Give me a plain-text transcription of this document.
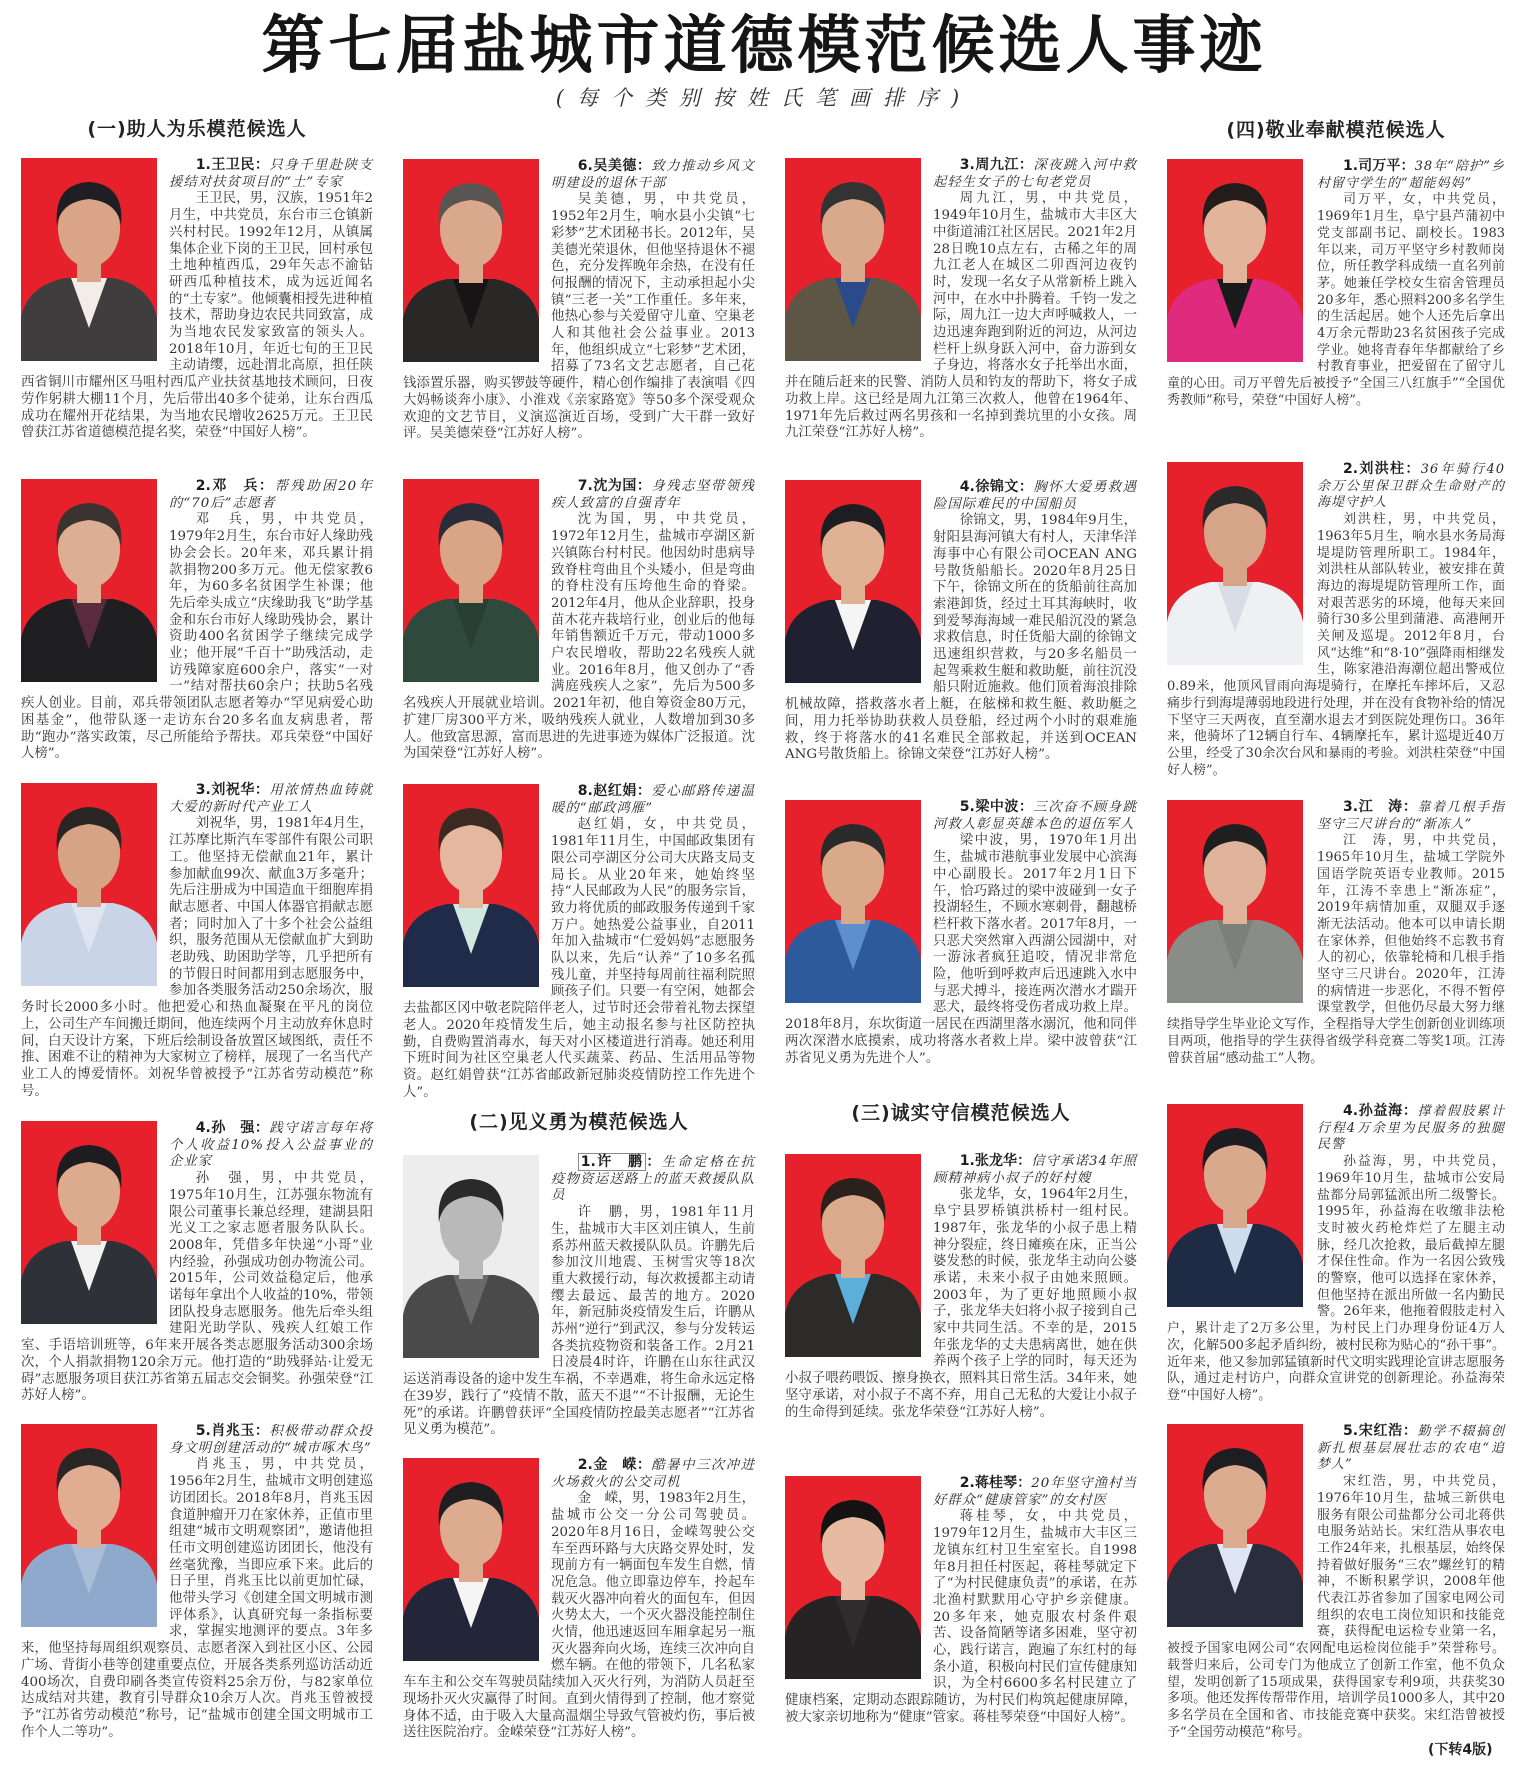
第七届盐城市道德模范候选人事迹
(每个类别按姓氏笔画排序)
(一)助人为乐模范候选人
(二)见义勇为模范候选人	(三)诚实守信模范候选人
(四)敬业奉献模范候选人

1.王卫民：只身千里赴陕支援结对扶贫项目的“土”专家

王卫民，男，汉族，1951年2月生，中共党员，东台市三仓镇新兴村村民。1992年12月，从镇属集体企业下岗的王卫民，回村承包土地种植西瓜，29年矢志不渝钻研西瓜种植技术，成为远近闻名的“土专家”。他倾囊相授先进种植技术，帮助身边农民共同致富，成为当地农民发家致富的领头人。2018年10月，年近七旬的王卫民主动请缨，远赴渭北高原，担任陕西省铜川市耀州区马咀村西瓜产业扶贫基地技术顾问，日夜劳作躬耕大棚11个月，先后带出40多个徒弟，让东台西瓜成功在耀州开花结果，为当地农民增收2625万元。王卫民曾获江苏省道德模范提名奖，荣登“中国好人榜”。

2.邓　兵：帮残助困20年的“70后”志愿者

邓　兵，男，中共党员，1979年2月生，东台市好人缘助残协会会长。20年来，邓兵累计捐款捐物200多万元。他无偿家教6年，为60多名贫困学生补课；他先后牵头成立“庆缘助我飞”助学基金和东台市好人缘助残协会，累计资助400名贫困学子继续完成学业；他开展“千百十”助残活动，走访残障家庭600余户，落实“一对一”结对帮扶60余户；扶助5名残疾人创业。目前，邓兵带领团队志愿者筹办“罕见病爱心助困基金”，他带队逐一走访东台20多名血友病患者，帮助“跑办”落实政策，尽己所能给予帮扶。邓兵荣登“中国好人榜”。

3.刘祝华：用浓情热血铸就大爱的新时代产业工人

刘祝华，男，1981年4月生，江苏摩比斯汽车零部件有限公司职工。他坚持无偿献血21年，累计参加献血99次、献血3万多毫升；先后注册成为中国造血干细胞库捐献志愿者、中国人体器官捐献志愿者；同时加入了十多个社会公益组织，服务范围从无偿献血扩大到助老助残、助困助学等，几乎把所有的节假日时间都用到志愿服务中，参加各类服务活动250余场次，服务时长2000多小时。他把爱心和热血凝聚在平凡的岗位上，公司生产车间搬迁期间，他连续两个月主动放弃休息时间，白天设计方案，下班后绘制设备放置区域图纸，责任不推、困难不让的精神为大家树立了榜样，展现了一名当代产业工人的博爱情怀。刘祝华曾被授予“江苏省劳动模范”称号。

4.孙　强：践守诺言每年将个人收益10%投入公益事业的企业家

孙　强，男，中共党员，1975年10月生，江苏强东物流有限公司董事长兼总经理，建湖县阳光义工之家志愿者服务队队长。2008年，凭借多年快递“小哥”业内经验，孙强成功创办物流公司。2015年，公司效益稳定后，他承诺每年拿出个人收益的10%，带领团队投身志愿服务。他先后牵头组建阳光助学队、残疾人红娘工作室、手语培训班等，6年来开展各类志愿服务活动300余场次，个人捐款捐物120余万元。他打造的“助残驿站·让爱无碍”志愿服务项目获江苏省第五届志交会铜奖。孙强荣登“江苏好人榜”。

5.肖兆玉：积极带动群众投身文明创建活动的“城市啄木鸟”

肖兆玉，男，中共党员，1956年2月生，盐城市文明创建巡访团团长。2018年8月，肖兆玉因食道肿瘤开刀在家休养，正值市里组建“城市文明观察团”，邀请他担任市文明创建巡访团团长，他没有丝毫犹豫，当即应承下来。此后的日子里，肖兆玉比以前更加忙碌，他带头学习《创建全国文明城市测评体系》，认真研究每一条指标要求，掌握实地测评的要点。3年多来，他坚持每周组织观察员、志愿者深入到社区小区、公园广场、背街小巷等创建重要点位，开展各类系列巡访活动近400场次，自费印刷各类宣传资料25余万份，与82家单位达成结对共建，教育引导群众10余万人次。肖兆玉曾被授予“江苏省劳动模范”称号，记“盐城市创建全国文明城市工作个人二等功”。

6.吴美德：致力推动乡风文明建设的退休干部

吴美德，男，中共党员，1952年2月生，响水县小尖镇“七彩梦”艺术团秘书长。2012年，吴美德光荣退休，但他坚持退休不褪色，充分发挥晚年余热，在没有任何报酬的情况下，主动承担起小尖镇“三老一关”工作重任。多年来，他热心参与关爱留守儿童、空巢老人和其他社会公益事业。2013年，他组织成立“七彩梦”艺术团，招募了73名文艺志愿者，自己花钱添置乐器，购买锣鼓等硬件，精心创作编排了表演唱《四大妈畅谈奔小康》、小淮戏《亲家路宽》等50多个深受观众欢迎的文艺节目，义演巡演近百场，受到广大干群一致好评。吴美德荣登“江苏好人榜”。

7.沈为国：身残志坚带领残疾人致富的自强青年

沈为国，男，中共党员，1972年12月生，盐城市亭湖区新兴镇陈台村村民。他因幼时患病导致脊柱弯曲且个头矮小，但是弯曲的脊柱没有压垮他生命的脊梁。2012年4月，他从企业辞职，投身苗木花卉栽培行业，创业后的他每年销售额近千万元，带动1000多户农民增收，帮助22名残疾人就业。2016年8月，他又创办了“香满庭残疾人之家”，先后为500多名残疾人开展就业培训。2021年初，他自筹资金80万元，扩建厂房300平方米，吸纳残疾人就业，人数增加到30多人。他致富思源，富而思进的先进事迹为媒体广泛报道。沈为国荣登“江苏好人榜”。

8.赵红娟：爱心邮路传递温暖的“邮政鸿雁”

赵红娟，女，中共党员，1981年11月生，中国邮政集团有限公司亭湖区分公司大庆路支局支局长。从业20年来，她始终坚持“人民邮政为人民”的服务宗旨，致力将优质的邮政服务传递到千家万户。她热爱公益事业，自2011年加入盐城市“仁爱妈妈”志愿服务队以来，先后“认养”了10多名孤残儿童，并坚持每周前往福利院照顾孩子们。只要一有空闲，她都会去盐都区冈中敬老院陪伴老人，过节时还会带着礼物去探望老人。2020年疫情发生后，她主动报名参与社区防控执勤，自费购置消毒水，每天对小区楼道进行消毒。她还利用下班时间为社区空巢老人代买蔬菜、药品、生活用品等物资。赵红娟曾获“江苏省邮政新冠肺炎疫情防控工作先进个人”。

1.许　鹏 ：生命定格在抗疫物资运送路上的蓝天救援队队员

许　鹏，男，1981年11月生，盐城市大丰区刘庄镇人，生前系苏州蓝天救援队队员。许鹏先后参加汶川地震、玉树雪灾等18次重大救援行动，每次救援都主动请缨去最远、最苦的地方。2020年，新冠肺炎疫情发生后，许鹏从苏州“逆行”到武汉，参与分发转运各类抗疫物资和装备工作。2月21日凌晨4时许，许鹏在山东往武汉运送消毒设备的途中发生车祸，不幸遇难，将生命永远定格在39岁，践行了“疫情不散，蓝天不退”“不计报酬，无论生死”的承诺。许鹏曾获评“全国疫情防控最美志愿者”“江苏省见义勇为模范”。

2.金　嵘：酷暑中三次冲进火场救火的公交司机

金　嵘，男，1983年2月生，盐城市公交一分公司驾驶员。2020年8月16日，金嵘驾驶公交车至西环路与大庆路交界处时，发现前方有一辆面包车发生自燃，情况危急。他立即靠边停车，拎起车载灭火器冲向着火的面包车，但因火势太大，一个灭火器没能控制住火情，他迅速返回车厢拿起另一瓶灭火器奔向火场，连续三次冲向自燃车辆。在他的带领下，几名私家车车主和公交车驾驶员陆续加入灭火行列，为消防人员赶至现场扑灭火灾赢得了时间。直到火情得到了控制，他才察觉身体不适，由于吸入大量高温烟尘导致气管被灼伤，事后被送往医院治疗。金嵘荣登“江苏好人榜”。

3.周九江：深夜跳入河中救起轻生女子的七旬老党员

周九江，男，中共党员，1949年10月生，盐城市大丰区大中街道浦江社区居民。2021年2月28日晚10点左右，古稀之年的周九江老人在城区二卯酉河边夜钓时，发现一名女子从常新桥上跳入河中，在水中扑腾着。千钧一发之际，周九江一边大声呼喊救人，一边迅速奔跑到附近的河边，从河边栏杆上纵身跃入河中，奋力游到女子身边，将落水女子托举出水面，并在随后赶来的民警、消防人员和钓友的帮助下，将女子成功救上岸。这已经是周九江第三次救人，他曾在1964年、1971年先后救过两名男孩和一名掉到粪坑里的小女孩。周九江荣登“江苏好人榜”。

4.徐锦文：胸怀大爱勇救遇险国际难民的中国船员

徐锦文，男，1984年9月生，射阳县海河镇大有村人，天津华洋海事中心有限公司OCEAN ANG号散货船船长。2020年8月25日下午，徐锦文所在的货船前往高加索港卸货，经过土耳其海峡时，收到爱琴海海域一难民船沉没的紧急求救信息，时任货船大副的徐锦文迅速组织营救，与20多名船员一起驾乘救生艇和救助艇，前往沉没船只附近施救。他们顶着海浪排除机械故障，搭救落水者上艇，在舷梯和救生艇、救助艇之间，用力托举协助获救人员登船，经过两个小时的艰难施救，终于将落水的41名难民全部救起，并送到OCEAN ANG号散货船上。徐锦文荣登“江苏好人榜”。

5.梁中波：三次奋不顾身跳河救人彰显英雄本色的退伍军人

梁中波，男，1970年1月出生，盐城市港航事业发展中心滨海中心副股长。2017年2月1日下午，恰巧路过的梁中波碰到一女子投湖轻生，不顾水寒刺骨，翻越桥栏杆救下落水者。2017年8月，一只恶犬突然窜入西湖公园湖中，对一游泳者疯狂追咬，情况非常危险，他听到呼救声后迅速跳入水中与恶犬搏斗，接连两次潜水才踹开恶犬，最终将受伤者成功救上岸。2018年8月，东坎街道一居民在西湖里落水溺沉，他和同伴两次深潜水底摸索，成功将落水者救上岸。梁中波曾获“江苏省见义勇为先进个人”。

1.张龙华：信守承诺34年照顾精神病小叔子的好村嫂

张龙华，女，1964年2月生，阜宁县罗桥镇洪桥村一组村民。1987年，张龙华的小叔子患上精神分裂症，终日瘫痪在床，正当公婆发愁的时候，张龙华主动向公婆承诺，未来小叔子由她来照顾。2003年，为了更好地照顾小叔子，张龙华夫妇将小叔子接到自己家中共同生活。不幸的是，2015年张龙华的丈夫患病离世，她在供养两个孩子上学的同时，每天还为小叔子喂药喂饭、擦身换衣，照料其日常生活。34年来，她坚守承诺，对小叔子不离不弃，用自己无私的大爱让小叔子的生命得到延续。张龙华荣登“江苏好人榜”。

2.蒋桂琴：20年坚守渔村当好群众“健康管家”的女村医

蒋桂琴，女，中共党员，1979年12月生，盐城市大丰区三龙镇东红村卫生室室长。自1998年8月担任村医起，蒋桂琴就定下了“为村民健康负责”的承诺，在苏北渔村默默用心守护乡亲健康。20多年来，她克服农村条件艰苦、设备简陋等诸多困难，坚守初心，践行诺言，跑遍了东红村的每条小道，积极向村民们宣传健康知识，为全村6600多名村民建立了健康档案，定期动态跟踪随访，为村民们构筑起健康屏障，被大家亲切地称为“健康”管家。蒋桂琴荣登“中国好人榜”。

1.司万平：38年“陪护”乡村留守学生的“超能妈妈”

司万平，女，中共党员，1969年1月生，阜宁县芦蒲初中党支部副书记、副校长。1983年以来，司万平坚守乡村教师岗位，所任教学科成绩一直名列前茅。她兼任学校女生宿舍管理员20多年，悉心照料200多名学生的生活起居。她个人还先后拿出4万余元帮助23名贫困孩子完成学业。她将青春年华都献给了乡村教育事业，把爱留在了留守儿童的心田。司万平曾先后被授予“全国三八红旗手”“全国优秀教师”称号，荣登“中国好人榜”。

2.刘洪柱：36年骑行40余万公里保卫群众生命财产的海堤守护人

刘洪柱，男，中共党员，1963年5月生，响水县水务局海堤堤防管理所职工。1984年，刘洪柱从部队转业，被安排在黄海边的海堤堤防管理所工作，面对艰苦恶劣的环境，他每天来回骑行30多公里到蒲港、高港闸开关闸及巡堤。2012年8月，台风“达维”和“8·10”强降雨相继发生，陈家港沿海潮位超出警戒位0.89米，他顶风冒雨向海堤骑行，在摩托车摔坏后，又忍痛步行到海堤薄弱地段进行处理，并在没有食物补给的情况下坚守三天两夜，直至潮水退去才到医院处理伤口。36年来，他骑坏了12辆自行车、4辆摩托车，累计巡堤近40万公里，经受了30余次台风和暴雨的考验。刘洪柱荣登“中国好人榜”。

3.江　涛：靠着几根手指坚守三尺讲台的“渐冻人”

江　涛，男，中共党员，1965年10月生，盐城工学院外国语学院英语专业教师。2015年，江涛不幸患上“渐冻症”，2019年病情加重，双腿双手逐渐无法活动。他本可以申请长期在家休养，但他始终不忘教书育人的初心，依靠轮椅和几根手指坚守三尺讲台。2020年，江涛的病情进一步恶化，不得不暂停课堂教学，但他仍尽最大努力继续指导学生毕业论文写作，全程指导大学生创新创业训练项目两项，他指导的学生获得省级学科竞赛二等奖1项。江涛曾获首届“感动盐工”人物。

4.孙益海：撑着假肢累计行程4万余里为民服务的独腿民警

孙益海，男，中共党员，1969年10月生，盐城市公安局盐都分局郭猛派出所二级警长。1995年，孙益海在收缴非法枪支时被火药枪炸烂了左腿主动脉，经几次抢救，最后截掉左腿才保住性命。作为一名因公致残的警察，他可以选择在家休养，但他坚持在派出所做一名内勤民警。26年来，他拖着假肢走村入户，累计走了2万多公里，为村民上门办理身份证4万人次，化解500多起矛盾纠纷，被村民称为贴心的“孙干事”。近年来，他又参加郭猛镇新时代文明实践理论宣讲志愿服务队，通过走村访户，向群众宣讲党的创新理论。孙益海荣登“中国好人榜”。

5.宋红浩：勤学不辍搞创新扎根基层展壮志的农电“追梦人”

宋红浩，男，中共党员，1976年10月生，盐城三新供电服务有限公司盐都分公司北蒋供电服务站站长。宋红浩从事农电工作24年来，扎根基层，始终保持着做好服务“三农”螺丝钉的精神，不断积累学识，2008年他代表江苏省参加了国家电网公司组织的农电工岗位知识和技能竞赛，获得配电运检专业第一名，被授予国家电网公司“农网配电运检岗位能手”荣誉称号。载誉归来后，公司专门为他成立了创新工作室，他不负众望，发明创新了15项成果，获得国家专利9项，共获奖30多项。他还发挥传帮带作用，培训学员1000多人，其中20多名学员在全国和省、市技能竞赛中获奖。宋红浩曾被授予“全国劳动模范”称号。

(下转4版)
